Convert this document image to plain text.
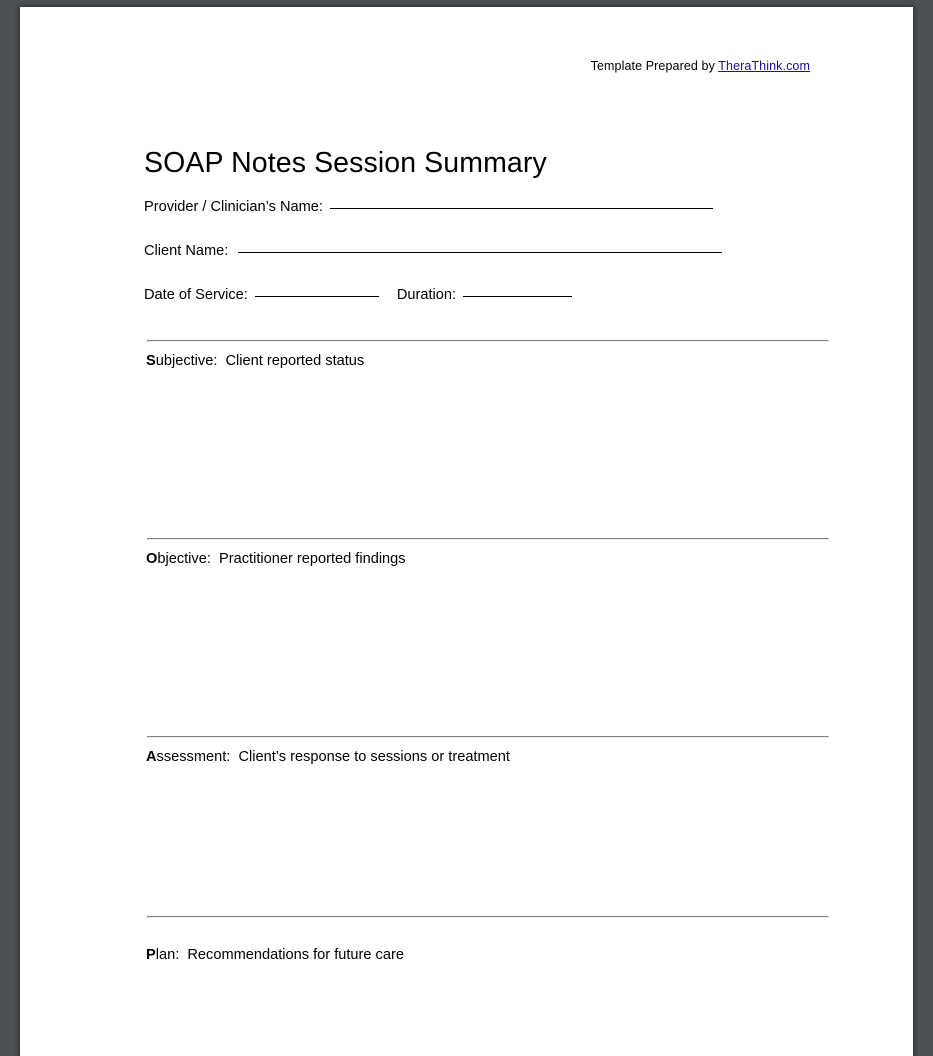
Template Prepared by TheraThink.com
SOAP Notes Session Summary
Provider / Clinician’s Name:
Client Name:
Date of Service:	Duration:

Subjective: Client reported status

Objective: Practitioner reported findings

Assessment: Client’s response to sessions or treatment

Plan: Recommendations for future care
